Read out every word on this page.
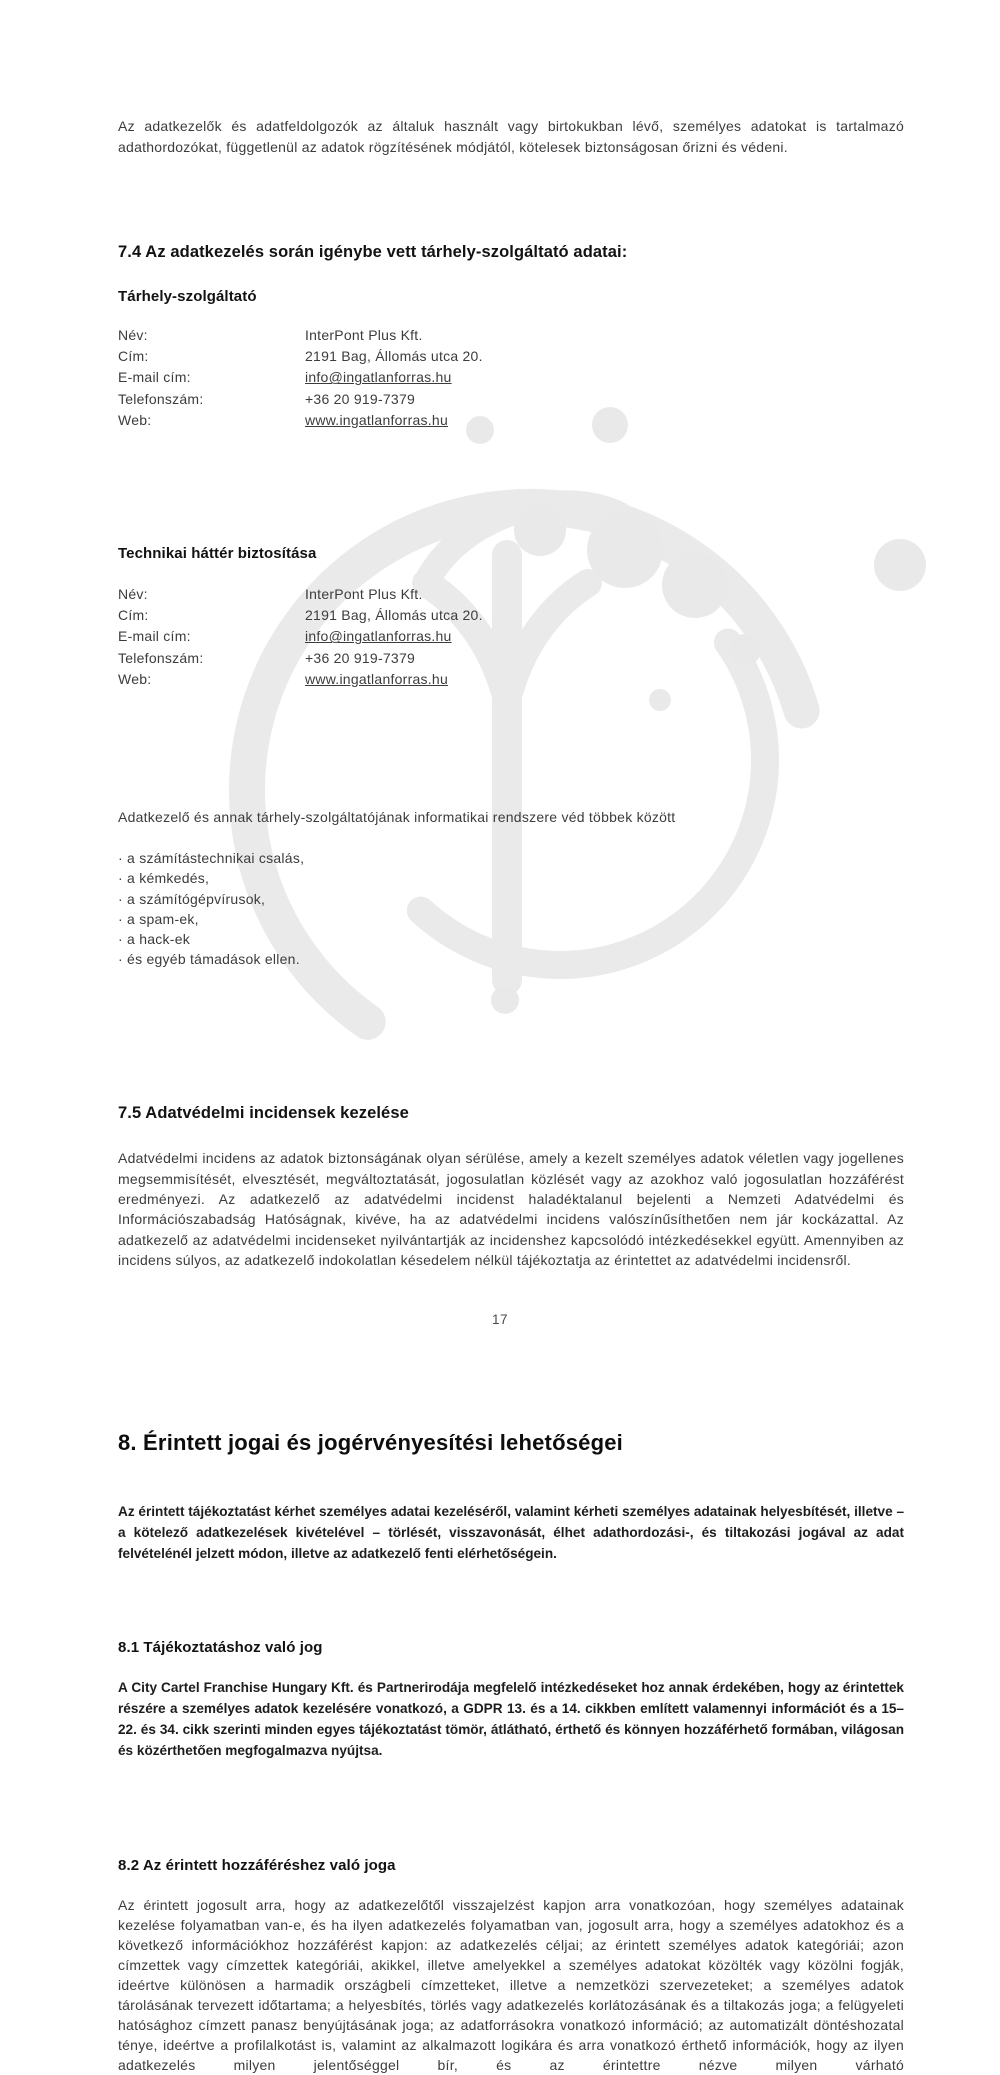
Az adatkezelők és adatfeldolgozók az általuk használt vagy birtokukban lévő, személyes adatokat is tartalmazó adathordozókat, függetlenül az adatok rögzítésének módjától, kötelesek biztonságosan őrizni és védeni.

7.4 Az adatkezelés során igénybe vett tárhely-szolgáltató adatai:
Tárhely-szolgáltató
Név:	InterPont Plus Kft.
Cím:	2191 Bag, Állomás utca 20.
E-mail cím:	info@ingatlanforras.hu
Telefonszám:	+36 20 919-7379
Web:	www.ingatlanforras.hu
Technikai háttér biztosítása
Név:	InterPont Plus Kft.
Cím:	2191 Bag, Állomás utca 20.
E-mail cím:	info@ingatlanforras.hu
Telefonszám:	+36 20 919-7379
Web:	www.ingatlanforras.hu
Adatkezelő és annak tárhely-szolgáltatójának informatikai rendszere véd többek között
· a számítástechnikai csalás,
· a kémkedés,
· a számítógépvírusok,
· a spam-ek,
· a hack-ek
· és egyéb támadások ellen.
7.5 Adatvédelmi incidensek kezelése

Adatvédelmi incidens az adatok biztonságának olyan sérülése, amely a kezelt személyes adatok véletlen vagy jogellenes megsemmisítését, elvesztését, megváltoztatását, jogosulatlan közlését vagy az azokhoz való jogosulatlan hozzáférést eredményezi. Az adatkezelő az adatvédelmi incidenst haladéktalanul bejelenti a Nemzeti Adatvédelmi és Információszabadság Hatóságnak, kivéve, ha az adatvédelmi incidens valószínűsíthetően nem jár kockázattal. Az adatkezelő az adatvédelmi incidenseket nyilvántartják az incidenshez kapcsolódó intézkedésekkel együtt. Amennyiben az incidens súlyos, az adatkezelő indokolatlan késedelem nélkül tájékoztatja az érintettet az adatvédelmi incidensről.

8. Érintett jogai és jogérvényesítési lehetőségei

Az érintett tájékoztatást kérhet személyes adatai kezeléséről, valamint kérheti személyes adatainak helyesbítését, illetve – a kötelező adatkezelések kivételével – törlését, visszavonását, élhet adathordozási-, és tiltakozási jogával az adat felvételénél jelzett módon, illetve az adatkezelő fenti elérhetőségein.

8.1 Tájékoztatáshoz való jog

A City Cartel Franchise Hungary Kft. és Partnerirodája megfelelő intézkedéseket hoz annak érdekében, hogy az érintettek részére a személyes adatok kezelésére vonatkozó, a GDPR 13. és a 14. cikkben említett valamennyi információt és a 15–22. és 34. cikk szerinti minden egyes tájékoztatást tömör, átlátható, érthető és könnyen hozzáférhető formában, világosan és közérthetően megfogalmazva nyújtsa.

8.2 Az érintett hozzáféréshez való joga

Az érintett jogosult arra, hogy az adatkezelőtől visszajelzést kapjon arra vonatkozóan, hogy személyes adatainak kezelése folyamatban van-e, és ha ilyen adatkezelés folyamatban van, jogosult arra, hogy a személyes adatokhoz és a következő információkhoz hozzáférést kapjon: az adatkezelés céljai; az érintett személyes adatok kategóriái; azon címzettek vagy címzettek kategóriái, akikkel, illetve amelyekkel a személyes adatokat közölték vagy közölni fogják, ideértve különösen a harmadik országbeli címzetteket, illetve a nemzetközi szervezeteket; a személyes adatok tárolásának tervezett időtartama; a helyesbítés, törlés vagy adatkezelés korlátozásának és a tiltakozás joga; a felügyeleti hatósághoz címzett panasz benyújtásának joga; az adatforrásokra vonatkozó információ; az automatizált döntéshozatal ténye, ideértve a profilalkotást is, valamint az alkalmazott logikára és arra vonatkozó érthető információk, hogy az ilyen adatkezelés milyen jelentőséggel bír, és az érintettre nézve milyen várható

17
